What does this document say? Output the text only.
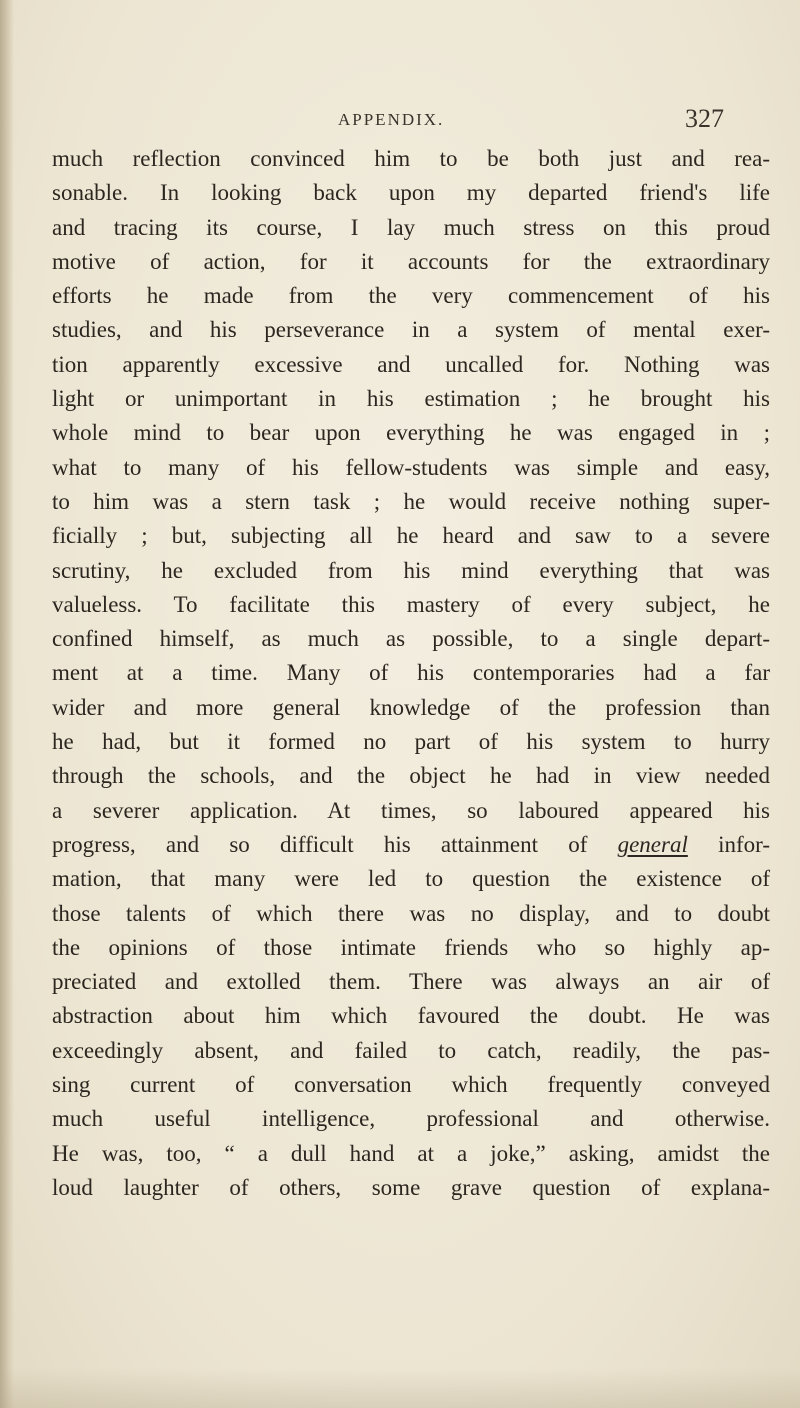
APPENDIX.	327
much reflection convinced him to be both just and rea-
sonable. In looking back upon my departed friend's life
and tracing its course, I lay much stress on this proud
motive of action, for it accounts for the extraordinary
efforts he made from the very commencement of his
studies, and his perseverance in a system of mental exer-
tion apparently excessive and uncalled for. Nothing was
light or unimportant in his estimation ; he brought his
whole mind to bear upon everything he was engaged in ;
what to many of his fellow-students was simple and easy,
to him was a stern task ; he would receive nothing super-
ficially ; but, subjecting all he heard and saw to a severe
scrutiny, he excluded from his mind everything that was
valueless. To facilitate this mastery of every subject, he
confined himself, as much as possible, to a single depart-
ment at a time. Many of his contemporaries had a far
wider and more general knowledge of the profession than
he had, but it formed no part of his system to hurry
through the schools, and the object he had in view needed
a severer application. At times, so laboured appeared his
progress, and so difficult his attainment of general infor-
mation, that many were led to question the existence of
those talents of which there was no display, and to doubt
the opinions of those intimate friends who so highly ap-
preciated and extolled them. There was always an air of
abstraction about him which favoured the doubt. He was
exceedingly absent, and failed to catch, readily, the pas-
sing current of conversation which frequently conveyed
much useful intelligence, professional and otherwise.
He was, too, “ a dull hand at a joke,” asking, amidst the
loud laughter of others, some grave question of explana-
